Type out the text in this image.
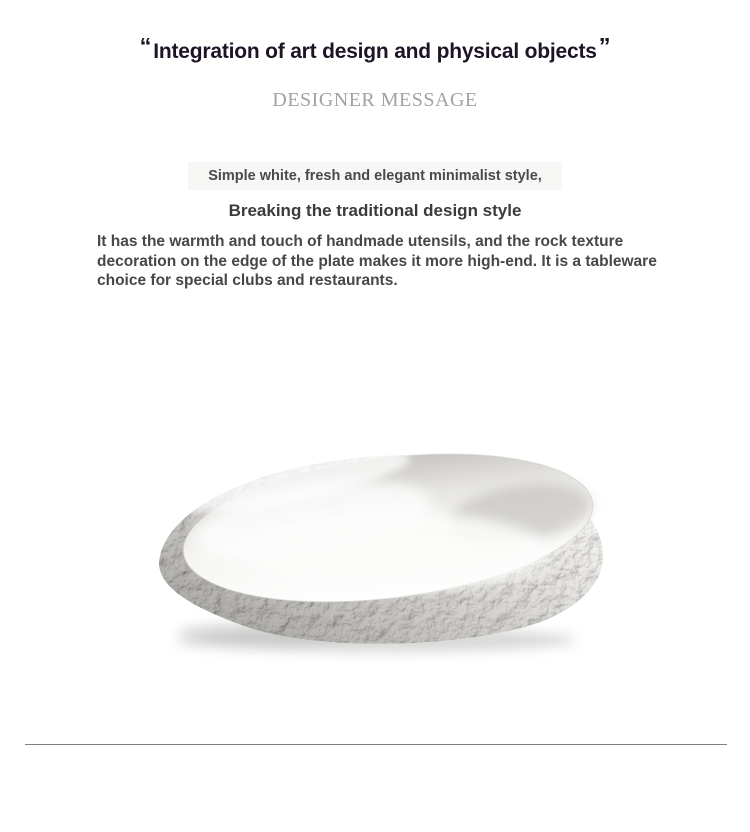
“Integration of art design and physical objects”
DESIGNER MESSAGE
Simple white, fresh and elegant minimalist style,
Breaking the traditional design style

It has the warmth and touch of handmade utensils, and the rock texture decoration on the edge of the plate makes it more high-end. It is a tableware choice for special clubs and restaurants.
